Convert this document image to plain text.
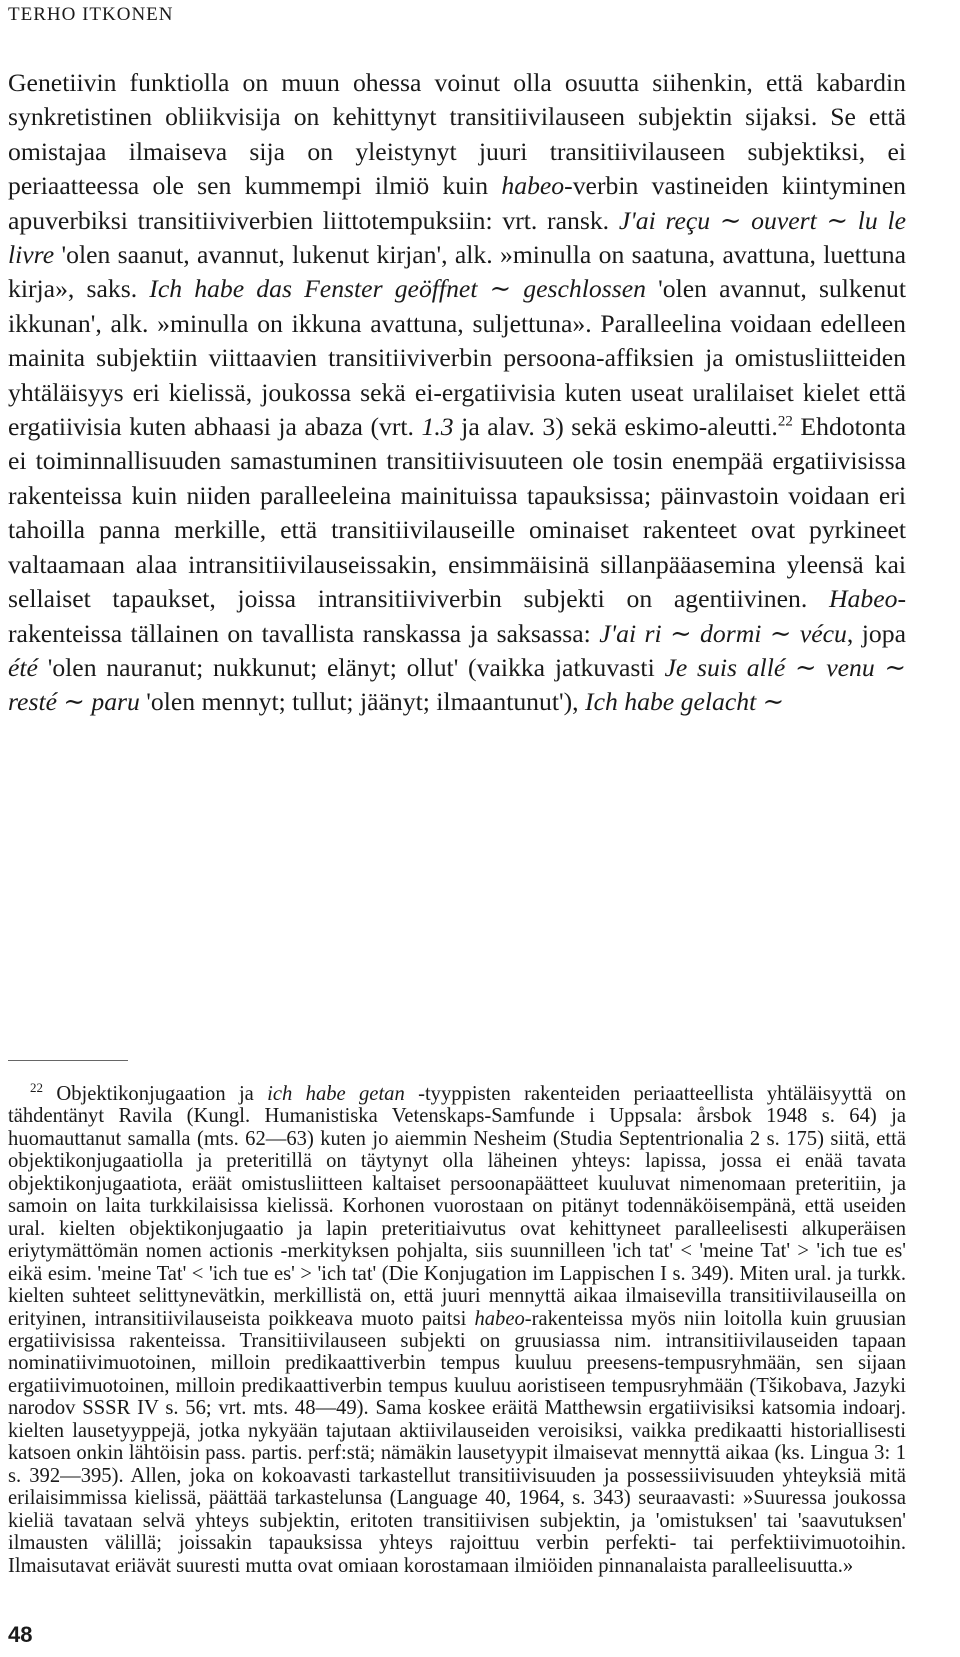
TERHO ITKONEN

Genetiivin funktiolla on muun ohessa voinut olla osuutta siihenkin, että kabardin synkretistinen obliikvisija on kehittynyt transitiivilauseen subjektin sijaksi. Se että omistajaa ilmaiseva sija on yleistynyt juuri transitiivilauseen subjektiksi, ei periaatteessa ole sen kummempi ilmiö kuin habeo-verbin vastineiden kiintyminen apuverbiksi transitiiviverbien liittotempuksiin: vrt. ransk. J'ai reçu ∼ ouvert ∼ lu le livre 'olen saanut, avannut, lukenut kirjan', alk. »minulla on saatuna, avattuna, luettuna kirja», saks. Ich habe das Fenster geöffnet ∼ geschlossen 'olen avannut, sulkenut ikkunan', alk. »minulla on ikkuna avattuna, suljettuna». Paralleelina voidaan edelleen mainita subjektiin viittaavien transitiiviverbin persoona-affiksien ja omistusliitteiden yhtäläisyys eri kielissä, joukossa sekä ei-ergatiivisia kuten useat uralilaiset kielet että ergatiivisia kuten abhaasi ja abaza (vrt. 1.3 ja alav. 3) sekä eskimo-aleutti.$^{22}$ Ehdotonta ei toiminnallisuuden samastuminen transitiivisuuteen ole tosin enempää ergatiivisissa rakenteissa kuin niiden paralleeleina mainituissa tapauksissa; päinvastoin voidaan eri tahoilla panna merkille, että transitiivilauseille ominaiset rakenteet ovat pyrkineet valtaamaan alaa intransitiivilauseissakin, ensimmäisinä sillanpääasemina yleensä kai sellaiset tapaukset, joissa intransitiiviverbin subjekti on agentiivinen. Habeo-rakenteissa tällainen on tavallista ranskassa ja saksassa: J'ai ri ∼ dormi ∼ vécu, jopa été 'olen nauranut; nukkunut; elänyt; ollut' (vaikka jatkuvasti Je suis allé ∼ venu ∼ resté ∼ paru 'olen mennyt; tullut; jäänyt; ilmaantunut'), Ich habe gelacht ∼

$^{22}$ Objektikonjugaation ja ich habe getan -tyyppisten rakenteiden periaatteellista yhtäläisyyttä on tähdentänyt Ravila (Kungl. Humanistiska Vetenskaps-Samfunde i Uppsala: årsbok 1948 s. 64) ja huomauttanut samalla (mts. 62—63) kuten jo aiemmin Nesheim (Studia Septentrionalia 2 s. 175) siitä, että objektikonjugaatiolla ja preteritillä on täytynyt olla läheinen yhteys: lapissa, jossa ei enää tavata objektikonjugaatiota, eräät omistusliitteen kaltaiset persoonapäätteet kuuluvat nimenomaan preteritiin, ja samoin on laita turkkilaisissa kielissä. Korhonen vuorostaan on pitänyt todennäköisempänä, että useiden ural. kielten objektikonjugaatio ja lapin preteritiaivutus ovat kehittyneet paralleelisesti alkuperäisen eriytymättömän nomen actionis -merkityksen pohjalta, siis suunnilleen 'ich tat' < 'meine Tat' > 'ich tue es' eikä esim. 'meine Tat' < 'ich tue es' > 'ich tat' (Die Konjugation im Lappischen I s. 349). Miten ural. ja turkk. kielten suhteet selittynevätkin, merkillistä on, että juuri mennyttä aikaa ilmaisevilla transitiivilauseilla on erityinen, intransitiivilauseista poikkeava muoto paitsi habeo-rakenteissa myös niin loitolla kuin gruusian ergatiivisissa rakenteissa. Transitiivilauseen subjekti on gruusiassa nim. intransitiivilauseiden tapaan nominatiivimuotoinen, milloin predikaattiverbin tempus kuuluu preesens-tempusryhmään, sen sijaan ergatiivimuotoinen, milloin predikaattiverbin tempus kuuluu aoristiseen tempusryhmään (Tšikobava, Jazyki narodov SSSR IV s. 56; vrt. mts. 48—49). Sama koskee eräitä Matthewsin ergatiivisiksi katsomia indoarj. kielten lausetyyppejä, jotka nykyään tajutaan aktiivilauseiden veroisiksi, vaikka predikaatti historiallisesti katsoen onkin lähtöisin pass. partis. perf:stä; nämäkin lausetyypit ilmaisevat mennyttä aikaa (ks. Lingua 3: 1 s. 392—395). Allen, joka on kokoavasti tarkastellut transitiivisuuden ja possessiivisuuden yhteyksiä mitä erilaisimmissa kielissä, päättää tarkastelunsa (Language 40, 1964, s. 343) seuraavasti: »Suuressa joukossa kieliä tavataan selvä yhteys subjektin, eritoten transitiivisen subjektin, ja 'omistuksen' tai 'saavutuksen' ilmausten välillä; joissakin tapauksissa yhteys rajoittuu verbin perfekti- tai perfektiivimuotoihin. Ilmaisutavat eriävät suuresti mutta ovat omiaan korostamaan ilmiöiden pinnanalaista paralleelisuutta.»

48
